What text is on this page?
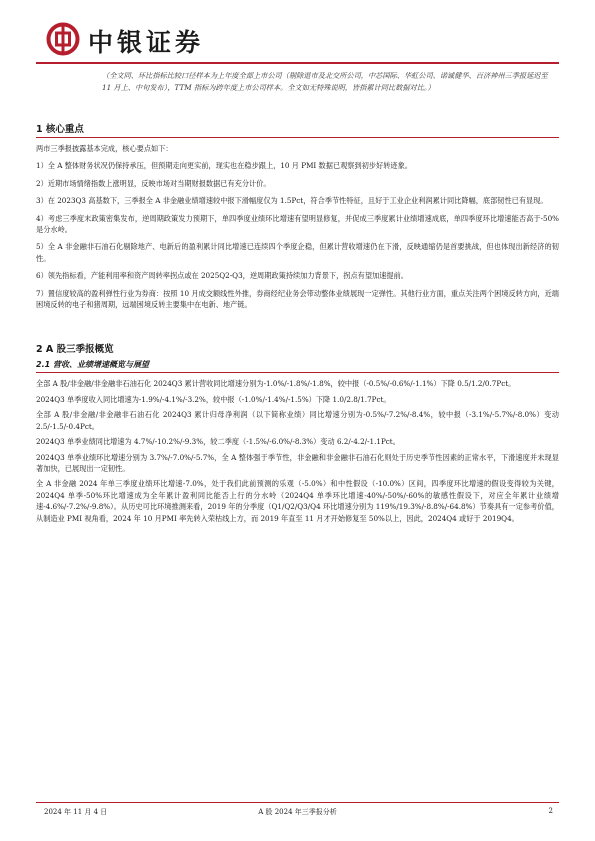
中银证券

（全文同、环比指标比较口径样本为上年度全部上市公司（剔除退市及北交所公司，中芯国际、华虹公司、诺诚健华、百济神州三季报延迟至 11 月上、中旬发布），TTM 指标为跨年度上市公司样本。全文如无特殊说明，皆指累计同比数据对比。）

1 核心重点

两市三季报披露基本完成，核心要点如下：

1）全 A 整体财务状况仍保持承压，但预期走向更实前，现实也在稳步跟上，10 月 PMI 数据已观察到初步好转迹象。

2）近期市场情绪指数上涨明显，反映市场对当期财报数据已有充分计价。

3）在 2023Q3 高基数下，三季报全 A 非金融业绩增速较中报下滑幅度仅为 1.5Pct，符合季节性特征，且好于工业企业利润累计同比降幅，底部韧性已有显现。

4）考虑三季度末政策密集发布，逆周期政策发力预期下，单四季度业绩环比增速有望明显修复，并促成三季度累计业绩增速成底，单四季度环比增速能否高于-50%是分水岭。

5）全 A 非金融非石油石化剔除地产、电新后的盈利累计同比增速已连续四个季度企稳，但累计营收增速仍在下滑，反映通缩仍是首要挑战，但也体现出新经济的韧性。

6）领先指标看，产能利用率和资产周转率拐点或在 2025Q2-Q3，逆周期政策持续加力背景下，拐点有望加速提前。

7）置信度较高的盈利弹性行业为券商：按照 10 月成交额线性外推，券商经纪业务会带动整体业绩展现一定弹性。其他行业方面，重点关注两个困境反转方向，近端困境反转的电子和猪周期，远端困境反转主要集中在电新、地产链。

2 A 股三季报概览
2.1 营收、业绩增速概览与展望

全部 A 股/非金融/非金融非石油石化 2024Q3 累计营收同比增速分别为-1.0%/-1.8%/-1.8%，较中报（-0.5%/-0.6%/-1.1%）下降 0.5/1.2/0.7Pct。

2024Q3 单季度收入同比增速为-1.9%/-4.1%/-3.2%，较中报（-1.0%/-1.4%/-1.5%）下降 1.0/2.8/1.7Pct。

全部 A 股/非金融/非金融非石油石化 2024Q3 累计归母净利润（以下简称业绩）同比增速分别为-0.5%/-7.2%/-8.4%，较中报（-3.1%/-5.7%/-8.0%）变动 2.5/-1.5/-0.4Pct。

2024Q3 单季业绩同比增速为 4.7%/-10.2%/-9.3%，较二季度（-1.5%/-6.0%/-8.3%）变动 6.2/-4.2/-1.1Pct。

2024Q3 单季业绩环比增速分别为 3.7%/-7.0%/-5.7%，全 A 整体强于季节性，非金融和非金融非石油石化则处于历史季节性因素的正常水平，下滑速度并未现显著加快，已展现出一定韧性。

全 A 非金融 2024 年单三季度业绩环比增速-7.0%，处于我们此前预测的乐观（-5.0%）和中性假设（-10.0%）区间，四季度环比增速的假设变得较为关键，2024Q4 单季-50%环比增速成为全年累计盈利同比能否上行的分水岭（2024Q4 单季环比增速-40%/-50%/-60%的敏感性假设下，对应全年累计业绩增速-4.6%/-7.2%/-9.8%）。从历史可比环境推测来看，2019 年的分季度（Q1/Q2/Q3/Q4 环比增速分别为 119%/19.3%/-8.8%/-64.8%）节奏具有一定参考价值，从制造业 PMI 视角看，2024 年 10 月PMI 率先转入荣枯线上方，而 2019 年直至 11 月才开始修复至 50%以上，因此，2024Q4 或好于 2019Q4。

2024 年 11 月 4 日	A 股 2024 年三季报分析	2
